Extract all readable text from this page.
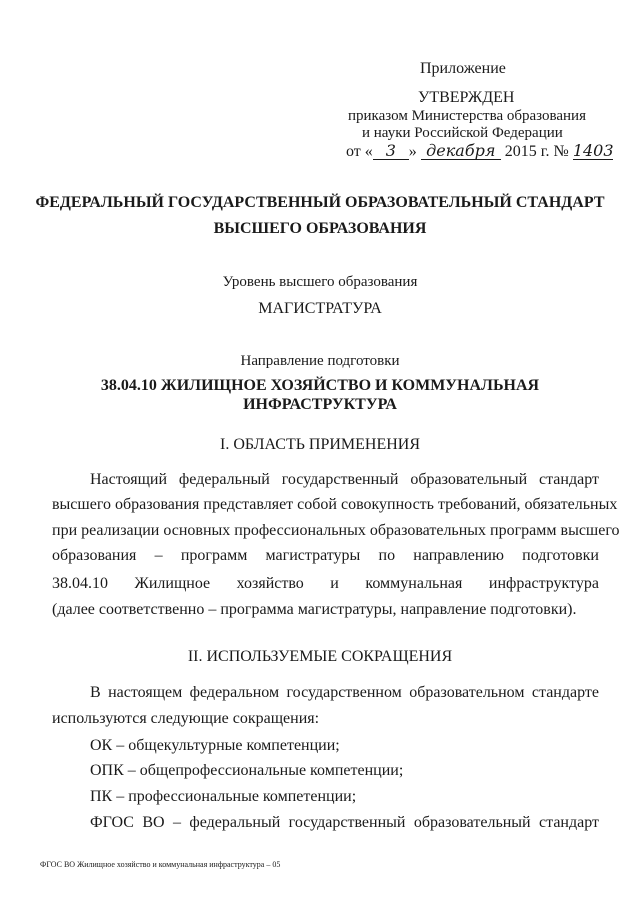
Приложение
УТВЕРЖДЕН
приказом Министерства образования
и науки Российской Федерации
от « 3 » декабря 2015 г. № 1403
ФЕДЕРАЛЬНЫЙ ГОСУДАРСТВЕННЫЙ ОБРАЗОВАТЕЛЬНЫЙ СТАНДАРТ
ВЫСШЕГО ОБРАЗОВАНИЯ
Уровень высшего образования
МАГИСТРАТУРА
Направление подготовки
38.04.10 ЖИЛИЩНОЕ ХОЗЯЙСТВО И КОММУНАЛЬНАЯ
ИНФРАСТРУКТУРА
I. ОБЛАСТЬ ПРИМЕНЕНИЯ
Настоящий федеральный государственный образовательный стандарт
высшего образования представляет собой совокупность требований, обязательных
при реализации основных профессиональных образовательных программ высшего
образования – программ магистратуры по направлению подготовки
38.04.10 Жилищное хозяйство и коммунальная инфраструктура
(далее соответственно – программа магистратуры, направление подготовки).
II. ИСПОЛЬЗУЕМЫЕ СОКРАЩЕНИЯ
В настоящем федеральном государственном образовательном стандарте
используются следующие сокращения:
ОК – общекультурные компетенции;
ОПК – общепрофессиональные компетенции;
ПК – профессиональные компетенции;
ФГОС ВО – федеральный государственный образовательный стандарт
ФГОС ВО Жилищное хозяйство и коммунальная инфраструктура – 05
